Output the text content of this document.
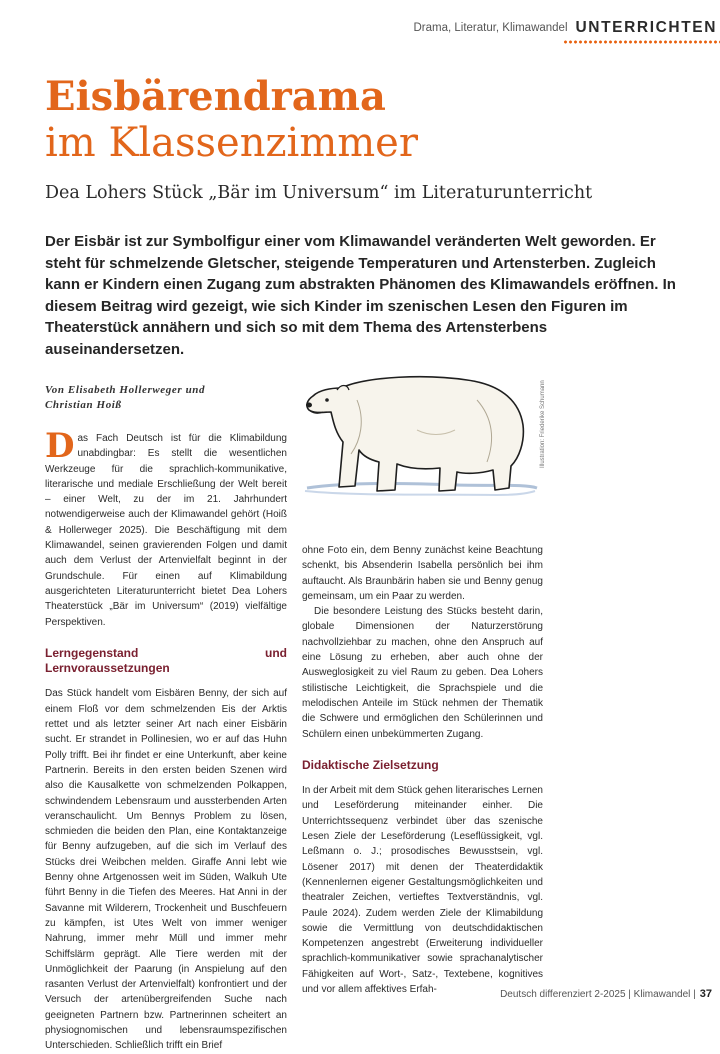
Drama, Literatur, Klimawandel UNTERRICHTEN
Eisbärendrama
im Klassenzimmer
Dea Lohers Stück „Bär im Universum“ im Literaturunterricht

Der Eisbär ist zur Symbolfigur einer vom Klimawandel veränderten Welt geworden. Er steht für schmelzende Gletscher, steigende Temperaturen und Artensterben. Zugleich kann er Kindern einen Zugang zum abstrakten Phänomen des Klimawandels eröffnen. In diesem Beitrag wird gezeigt, wie sich Kinder im szenischen Lesen den Figuren im Theaterstück annähern und sich so mit dem Thema des Artensterbens auseinandersetzen.

Von Elisabeth Hollerweger und
Christian Hoiß

Das Fach Deutsch ist für die Klimabildung unabdingbar: Es stellt die wesentlichen Werkzeuge für die sprachlich-kommunikative, literarische und mediale Erschließung der Welt bereit – einer Welt, zu der im 21. Jahrhundert notwendigerweise auch der Klimawandel gehört (Hoiß & Hollerweger 2025). Die Beschäftigung mit dem Klimawandel, seinen gravierenden Folgen und damit auch dem Verlust der Artenvielfalt beginnt in der Grundschule. Für einen auf Klimabildung ausgerichteten Literaturunterricht bietet Dea Lohers Theaterstück „Bär im Universum“ (2019) vielfältige Perspektiven.

Lerngegenstand und Lernvoraussetzungen

Das Stück handelt vom Eisbären Benny, der sich auf einem Floß vor dem schmelzenden Eis der Arktis rettet und als letzter seiner Art nach einer Eisbärin sucht. Er strandet in Pollinesien, wo er auf das Huhn Polly trifft. Bei ihr findet er eine Unterkunft, aber keine Partnerin. Bereits in den ersten beiden Szenen wird also die Kausalkette von schmelzenden Polkappen, schwindendem Lebensraum und aussterbenden Arten veranschaulicht. Um Bennys Problem zu lösen, schmieden die beiden den Plan, eine Kontaktanzeige für Benny aufzugeben, auf die sich im Verlauf des Stücks drei Weibchen melden. Giraffe Anni lebt wie Benny ohne Artgenossen weit im Süden, Walkuh Ute führt Benny in die Tiefen des Meeres. Hat Anni in der Savanne mit Wilderern, Trockenheit und Buschfeuern zu kämpfen, ist Utes Welt von immer weniger Nahrung, immer mehr Müll und immer mehr Schiffslärm geprägt. Alle Tiere werden mit der Unmöglichkeit der Paarung (in Anspielung auf den rasanten Verlust der Artenvielfalt) konfrontiert und der Versuch der artenübergreifenden Suche nach geeigneten Partnern bzw. Partnerinnen scheitert an physiognomischen und lebensraumspezifischen Unterschieden. Schließlich trifft ein Brief

Illustration: Friederike Schumann

ohne Foto ein, dem Benny zunächst keine Beachtung schenkt, bis Absenderin Isabella persönlich bei ihm auftaucht. Als Braunbärin haben sie und Benny genug gemeinsam, um ein Paar zu werden.

Die besondere Leistung des Stücks besteht darin, globale Dimensionen der Naturzerstörung nachvollziehbar zu machen, ohne den Anspruch auf eine Lösung zu erheben, aber auch ohne der Ausweglosigkeit zu viel Raum zu geben. Dea Lohers stilistische Leichtigkeit, die Sprachspiele und die melodischen Anteile im Stück nehmen der Thematik die Schwere und ermöglichen den Schülerinnen und Schülern einen unbekümmerten Zugang.

Didaktische Zielsetzung

In der Arbeit mit dem Stück gehen literarisches Lernen und Leseförderung miteinander einher. Die Unterrichtssequenz verbindet über das szenische Lesen Ziele der Leseförderung (Leseflüssigkeit, vgl. Leßmann o. J.; prosodisches Bewusstsein, vgl. Lösener 2017) mit denen der Theaterdidaktik (Kennenlernen eigener Gestaltungsmöglichkeiten und theatraler Zeichen, vertieftes Textverständnis, vgl. Paule 2024). Zudem werden Ziele der Klimabildung sowie die Vermittlung von deutschdidaktischen Kompetenzen angestrebt (Erweiterung individueller sprachlich-kommunikativer sowie sprachanalytischer Fähigkeiten auf Wort-, Satz-, Textebene, kognitives und vor allem affektives Erfah-	Deutsch differenziert 2-2025 | Klimawandel | 37
